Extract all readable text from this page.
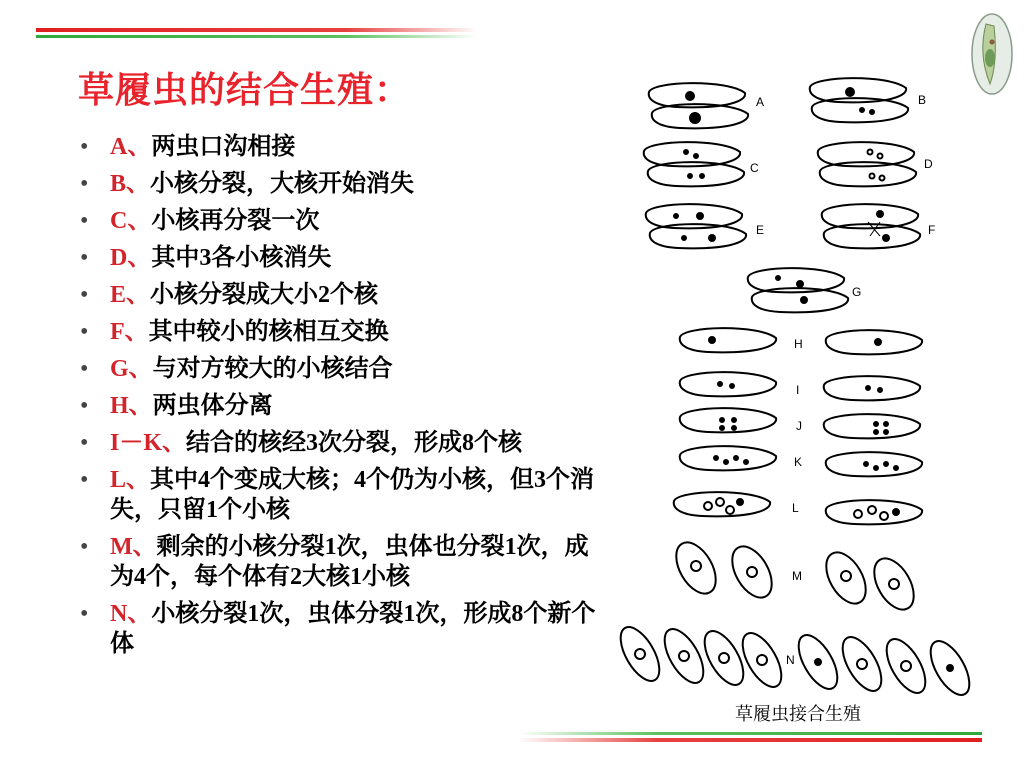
草履虫的结合生殖：
• A、两虫口沟相接
• B、小核分裂，大核开始消失
• C、小核再分裂一次
• D、其中3各小核消失
• E、小核分裂成大小2个核
• F、其中较小的核相互交换
• G、与对方较大的小核结合
• H、两虫体分离
• I－K、结合的核经3次分裂，形成8个核
• L、其中4个变成大核；4个仍为小核，但3个消失，只留1个小核
• M、剩余的小核分裂1次，虫体也分裂1次，成为4个，每个体有2大核1小核
• N、小核分裂1次，虫体分裂1次，形成8个新个体
A	B
C	D
E	F
G
H
I
J
K
L
M
N
草履虫接合生殖
